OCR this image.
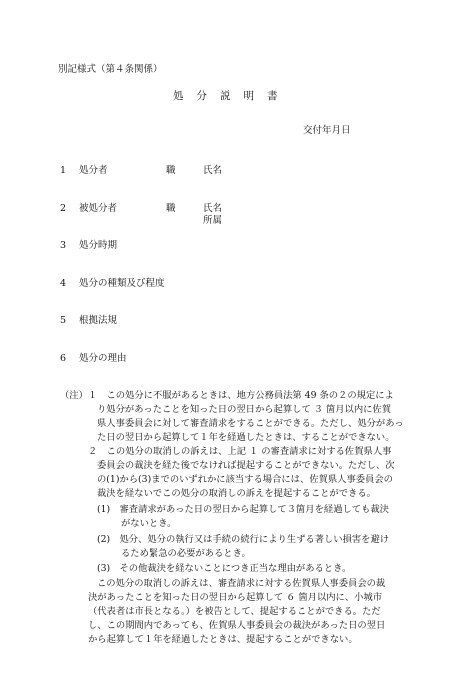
別記様式（第４条関係）
処分説明書
交付年月日
1 処分者	職	氏名
2 被処分者	職	氏名
所属
3 処分時期
4 処分の種類及び程度
5 根拠法規
6 処分の理由
（注）１　この処分に不服があるときは、地方公務員法第 49 条の２の規定によ
り処分があったことを知った日の翌日から起算して ３ 箇月以内に佐賀
県人事委員会に対して審査請求をすることができる。ただし、処分があっ
た日の翌日から起算して１年を経過したときは、することができない。
２　この処分の取消しの訴えは、上記 １ の審査請求に対する佐賀県人事
委員会の裁決を経た後でなければ提起することができない。ただし、次
の(1)から(3)までのいずれかに該当する場合には、佐賀県人事委員会の
裁決を経ないでこの処分の取消しの訴えを提起することができる。
(1)　審査請求があった日の翌日から起算して３箇月を経過しても裁決
がないとき。
(2)　処分、処分の執行又は手続の続行により生ずる著しい損害を避け
るため緊急の必要があるとき。
(3)　その他裁決を経ないことにつき正当な理由があるとき。
この処分の取消しの訴えは、審査請求に対する佐賀県人事委員会の裁
決があったことを知った日の翌日から起算して ６ 箇月以内に、小城市
（代表者は市長となる。）を被告として、提起することができる。ただ
し、この期間内であっても、佐賀県人事委員会の裁決があった日の翌日
から起算して１年を経過したときは、提起することができない。
